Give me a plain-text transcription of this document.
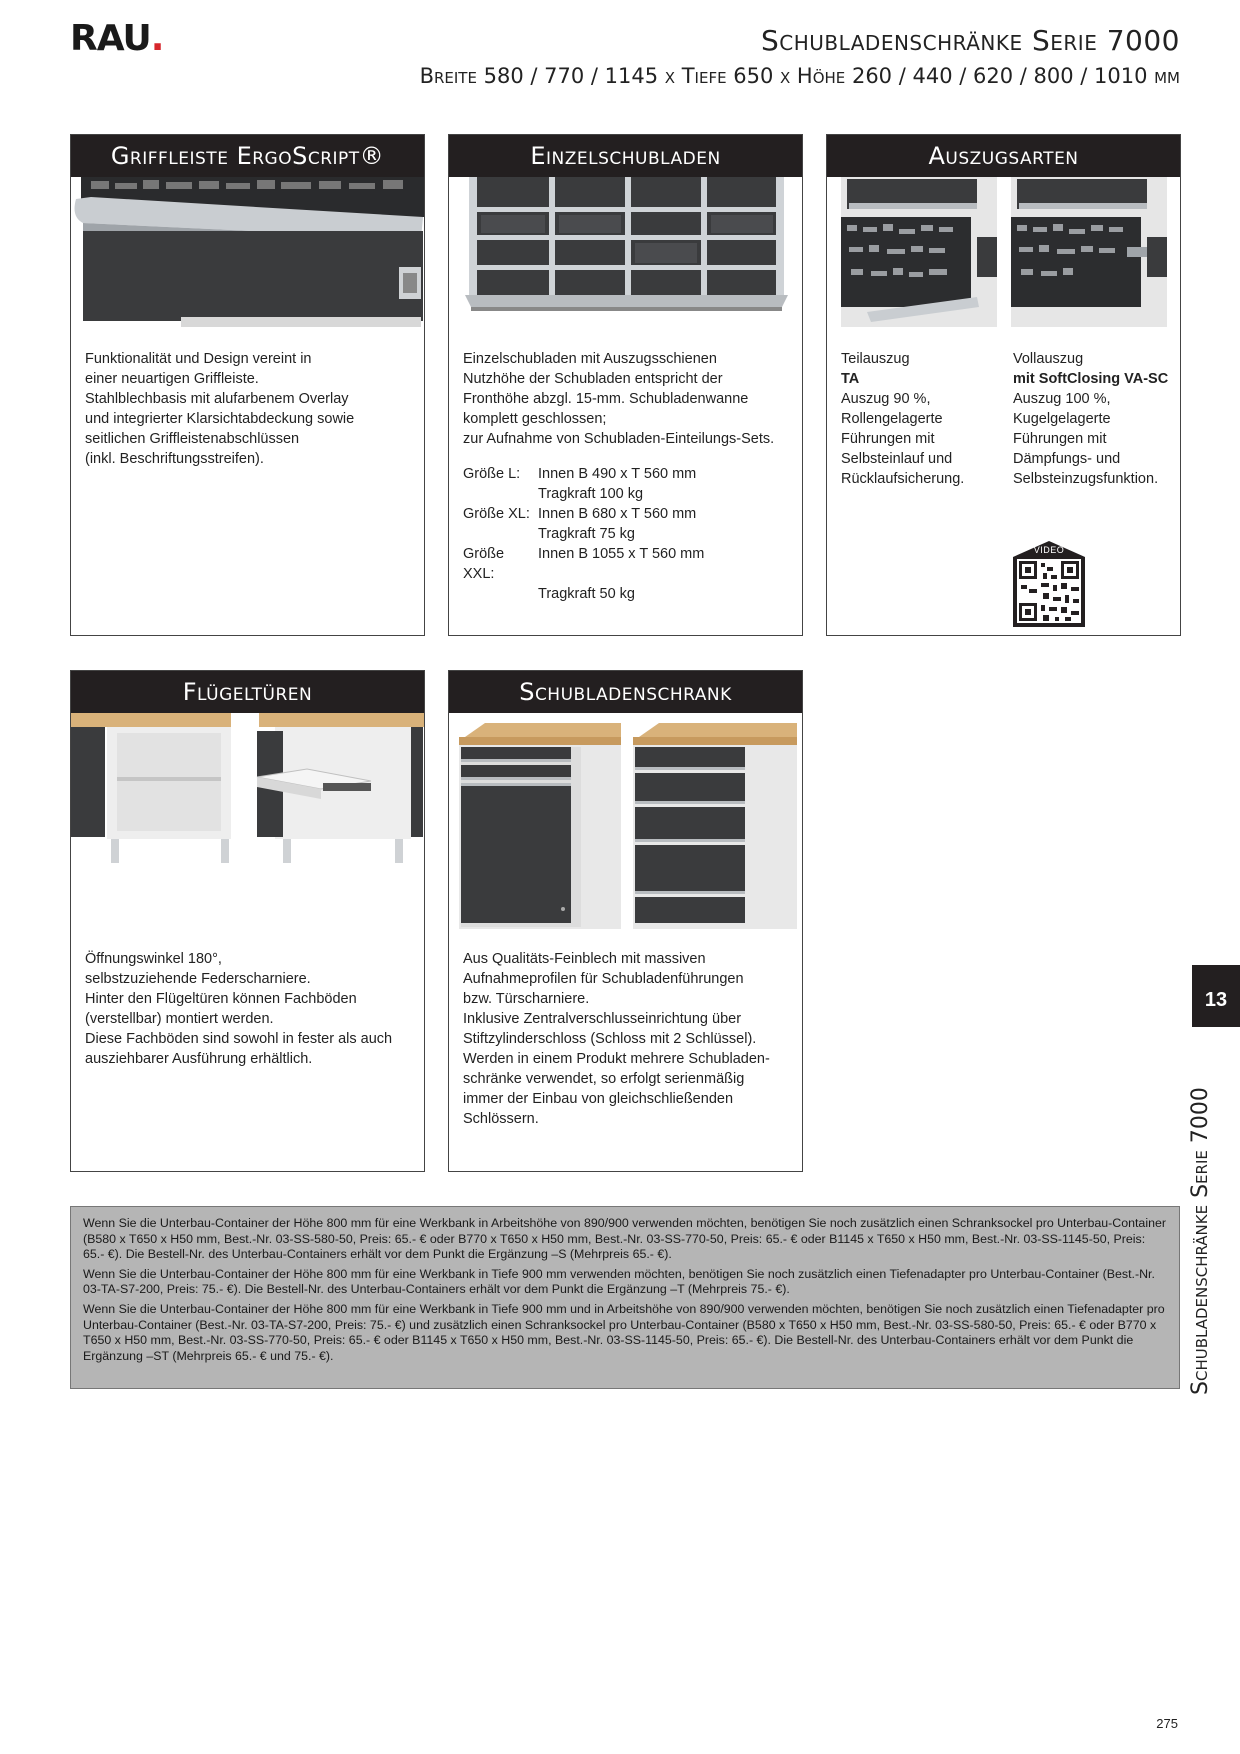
RAU.	Schubladenschränke Serie 7000
Breite 580 / 770 / 1145 x Tiefe 650 x Höhe 260 / 440 / 620 / 800 / 1010 mm
Griffleiste ErgoScript®

Funktionalität und Design vereint in

einer neuartigen Griffleiste.

Stahlblechbasis mit alufarbenem Overlay

und integrierter Klarsichtabdeckung sowie

seitlichen Griffleistenabschlüssen

(inkl. Beschriftungsstreifen).

Einzelschubladen

Einzelschubladen mit Auszugsschienen

Nutzhöhe der Schubladen entspricht der

Fronthöhe abzgl. 15-mm. Schubladenwanne

komplett geschlossen;

zur Aufnahme von Schubladen-Einteilungs-Sets.

Größe L:	Innen B 490 x T 560 mm
Tragkraft 100 kg
Größe XL: Innen B 680 x T 560 mm
Tragkraft 75 kg
Größe XXL:
Innen B 1055 x T 560 mm
Tragkraft 50 kg
Auszugsarten

Teilauszug

TA

Auszug 90 %,

Rollengelagerte

Führungen mit

Selbsteinlauf und

Rücklaufsicherung.

Vollauszug

mit SoftClosing VA-SC

Auszug 100 %,

Kugelgelagerte

Führungen mit

Dämpfungs- und

Selbsteinzugsfunktion.

VIDEO
Flügeltüren

Öffnungswinkel 180°,

selbstzuziehende Federscharniere.

Hinter den Flügeltüren können Fachböden

(verstellbar) montiert werden.

Diese Fachböden sind sowohl in fester als auch

ausziehbarer Ausführung erhältlich.

Schubladenschrank

Aus Qualitäts-Feinblech mit massiven

Aufnahmeprofilen für Schubladenführungen

bzw. Türscharniere.

Inklusive Zentralverschlusseinrichtung über

Stiftzylinderschloss (Schloss mit 2 Schlüssel).

Werden in einem Produkt mehrere Schubladen-

schränke verwendet, so erfolgt serienmäßig

immer der Einbau von gleichschließenden

Schlössern.

Wenn Sie die Unterbau-Container der Höhe 800 mm für eine Werkbank in Arbeitshöhe von 890/900 verwenden möchten, benötigen Sie noch zusätzlich einen Schranksockel pro Unterbau-Container (B580 x T650 x H50 mm, Best.-Nr. 03-SS-580-50, Preis: 65.- € oder B770 x T650 x H50 mm, Best.-Nr. 03-SS-770-50, Preis: 65.- € oder B1145 x T650 x H50 mm, Best.-Nr. 03-SS-1145-50, Preis: 65.- €). Die Bestell-Nr. des Unterbau-Containers erhält vor dem Punkt die Ergänzung –S (Mehrpreis 65.- €).

Wenn Sie die Unterbau-Container der Höhe 800 mm für eine Werkbank in Tiefe 900 mm verwenden möchten, benötigen Sie noch zusätzlich einen Tiefenadapter pro Unterbau-Container (Best.-Nr. 03-TA-S7-200, Preis: 75.- €). Die Bestell-Nr. des Unterbau-Containers erhält vor dem Punkt die Ergänzung –T (Mehrpreis 75.- €).

Wenn Sie die Unterbau-Container der Höhe 800 mm für eine Werkbank in Tiefe 900 mm und in Arbeitshöhe von 890/900 verwenden möchten, benötigen Sie noch zusätzlich einen Tiefenadapter pro Unterbau-Container (Best.-Nr. 03-TA-S7-200, Preis: 75.- €) und zusätzlich einen Schranksockel pro Unterbau-Container (B580 x T650 x H50 mm, Best.-Nr. 03-SS-580-50, Preis: 65.- € oder B770 x T650 x H50 mm, Best.-Nr. 03-SS-770-50, Preis: 65.- € oder B1145 x T650 x H50 mm, Best.-Nr. 03-SS-1145-50, Preis: 65.- €). Die Bestell-Nr. des Unterbau-Containers erhält vor dem Punkt die Ergänzung –ST (Mehrpreis 65.- € und 75.- €).

13
Schubladenschränke Serie 7000
275
